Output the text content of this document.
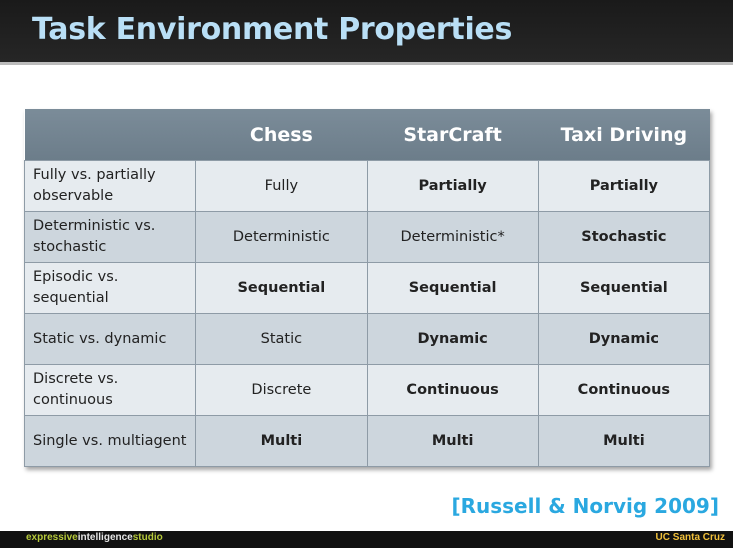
Task Environment Properties
	Chess	StarCraft	Taxi Driving
Fully vs. partially observable	Fully	Partially	Partially
Deterministic vs. stochastic	Deterministic	Deterministic*	Stochastic
Episodic vs. sequential	Sequential	Sequential	Sequential
Static vs. dynamic	Static	Dynamic	Dynamic
Discrete vs. continuous	Discrete	Continuous	Continuous
Single vs. multiagent	Multi	Multi	Multi
[Russell & Norvig 2009]
expressiveintelligencestudio	UC Santa Cruz
